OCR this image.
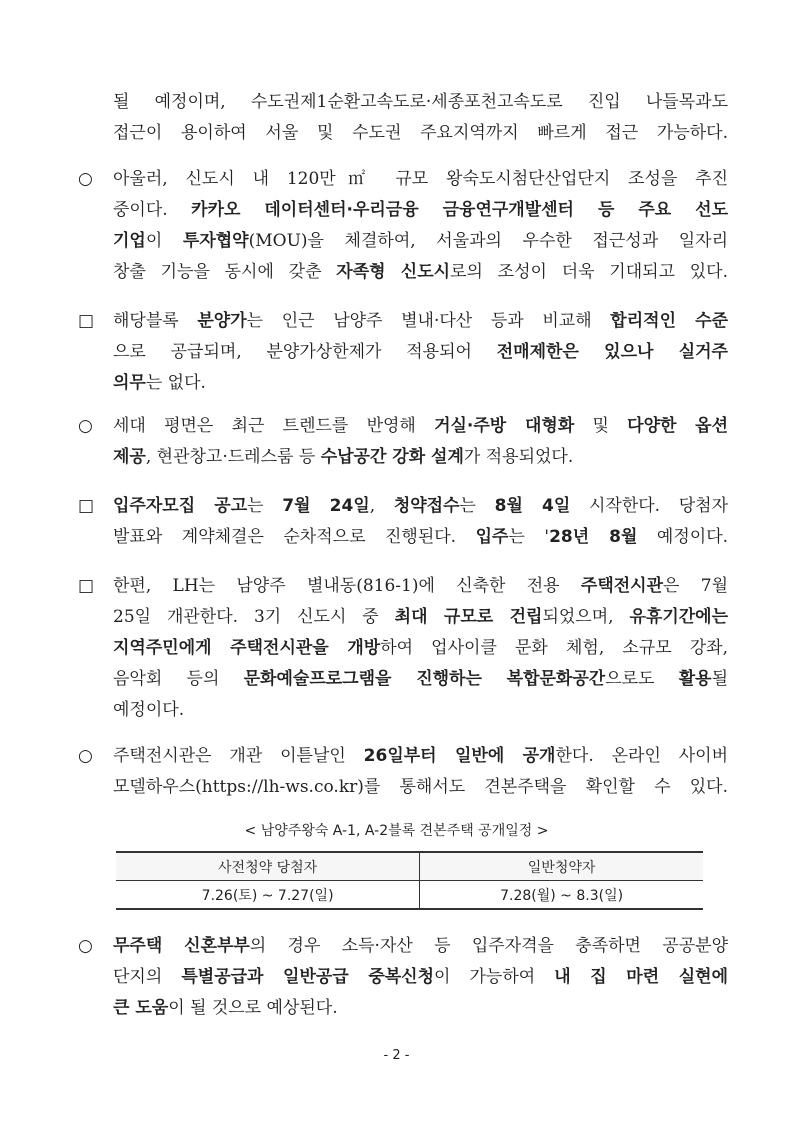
될 예정이며, 수도권제1순환고속도로·세종포천고속도로 진입 나들목과도
접근이 용이하여 서울 및 수도권 주요지역까지 빠르게 접근 가능하다.
○	아울러, 신도시 내 120만㎡ 규모 왕숙도시첨단산업단지 조성을 추진
중이다. 카카오 데이터센터·우리금융 금융연구개발센터 등 주요 선도
기업이 투자협약(MOU)을 체결하여, 서울과의 우수한 접근성과 일자리
창출 기능을 동시에 갖춘 자족형 신도시로의 조성이 더욱 기대되고 있다.
□	해당블록 분양가는 인근 남양주 별내·다산 등과 비교해 합리적인 수준
으로 공급되며, 분양가상한제가 적용되어 전매제한은 있으나 실거주
의무는 없다.
○	세대 평면은 최근 트렌드를 반영해 거실·주방 대형화 및 다양한 옵션
제공, 현관창고·드레스룸 등 수납공간 강화 설계가 적용되었다.
□	입주자모집 공고는 7월 24일, 청약접수는 8월 4일 시작한다. 당첨자
발표와 계약체결은 순차적으로 진행된다. 입주는 '28년 8월 예정이다.
□	한편, LH는 남양주 별내동(816-1)에 신축한 전용 주택전시관은 7월
25일 개관한다. 3기 신도시 중 최대 규모로 건립되었으며, 유휴기간에는
지역주민에게 주택전시관을 개방하여 업사이클 문화 체험, 소규모 강좌,
음악회 등의 문화예술프로그램을 진행하는 복합문화공간으로도 활용될
예정이다.
○	주택전시관은 개관 이튿날인 26일부터 일반에 공개한다. 온라인 사이버
모델하우스(https://lh-ws.co.kr)를 통해서도 견본주택을 확인할 수 있다.
< 남양주왕숙 A-1, A-2블록 견본주택 공개일정 >
사전청약 당첨자	일반청약자
7.26(토) ~ 7.27(일)	7.28(월) ~ 8.3(일)
○	무주택 신혼부부의 경우 소득·자산 등 입주자격을 충족하면 공공분양
단지의 특별공급과 일반공급 중복신청이 가능하여 내 집 마련 실현에
큰 도움이 될 것으로 예상된다.
- 2 -
